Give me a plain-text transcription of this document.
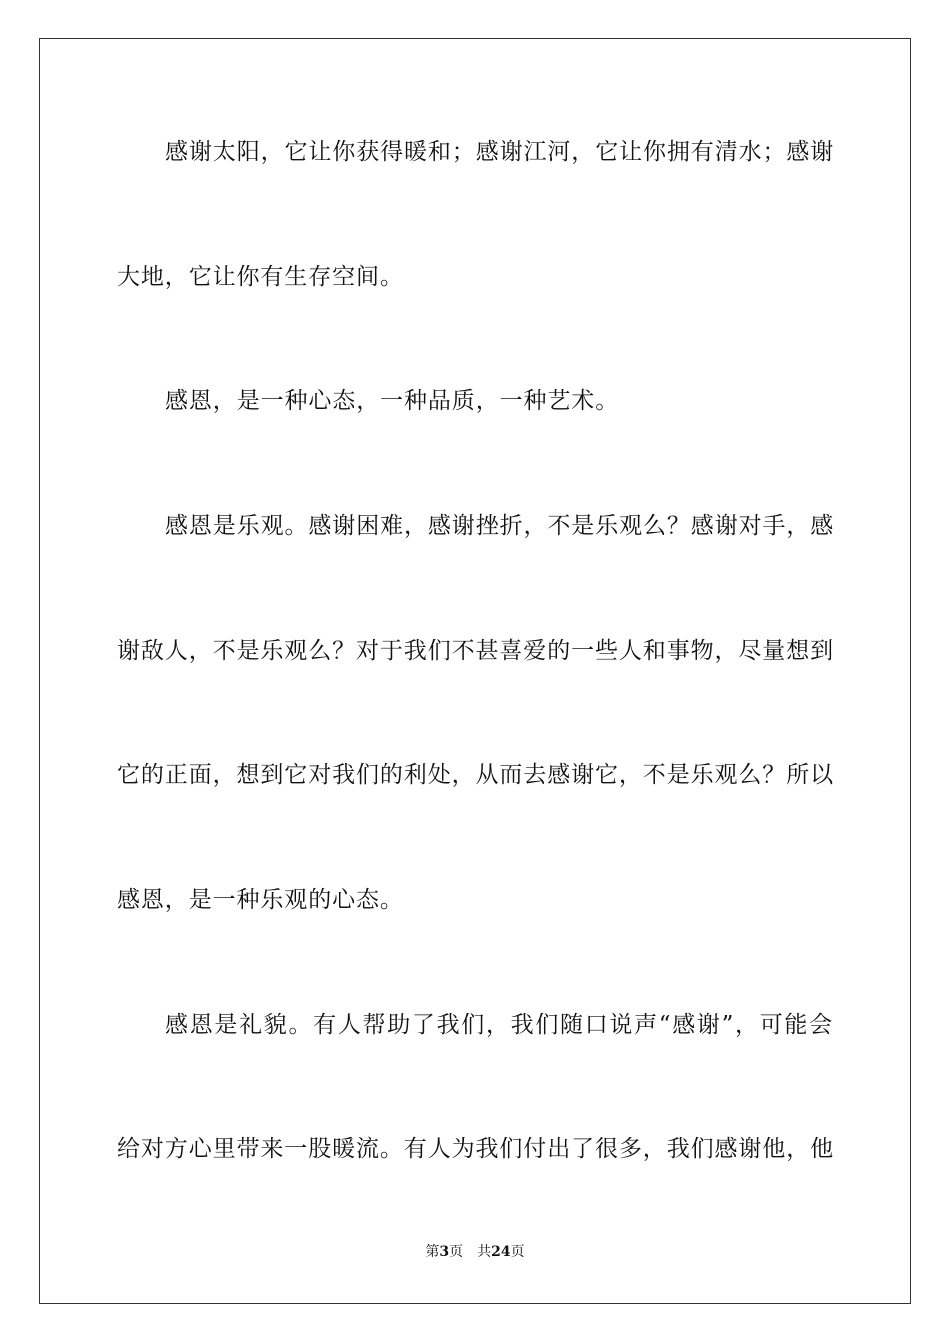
感谢太阳，它让你获得暖和；感谢江河，它让你拥有清水；感谢
大地，它让你有生存空间。
感恩，是一种心态，一种品质，一种艺术。
感恩是乐观。感谢困难，感谢挫折，不是乐观么？感谢对手，感
谢敌人，不是乐观么？对于我们不甚喜爱的一些人和事物，尽量想到
它的正面，想到它对我们的利处，从而去感谢它，不是乐观么？所以
感恩，是一种乐观的心态。
感恩是礼貌。有人帮助了我们，我们随口说声“感谢”，可能会
给对方心里带来一股暖流。有人为我们付出了很多，我们感谢他，他
第3页 共24页
